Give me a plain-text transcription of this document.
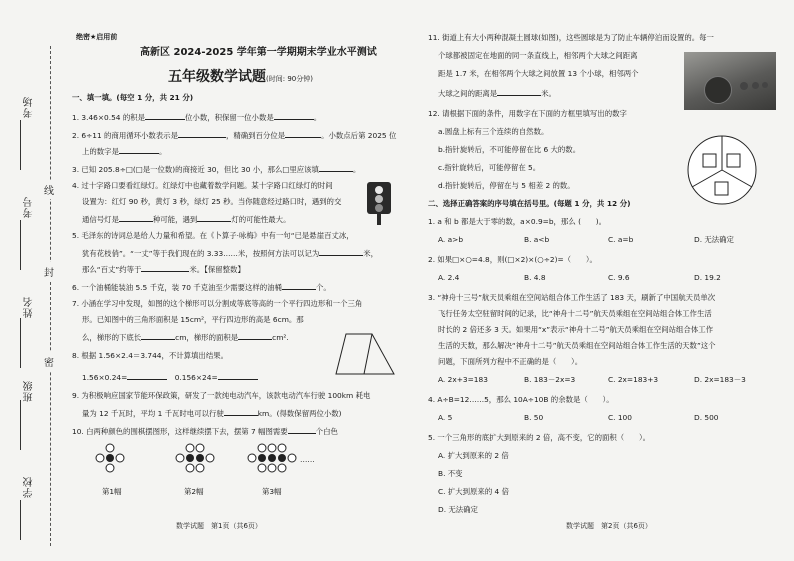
考场
考号
姓名
班级
学校
线
封
密

绝密★启用前

高新区 2024-2025 学年第一学期期末学业水平测试

五年级数学试题(时间: 90分钟)

一、填一填。(每空 1 分，共 21 分)

1. 3.46×0.54 的积是	位小数，积保留一位小数是	。

2. 6÷11 的商用循环小数表示是	，精确到百分位是	。小数点后第 2025 位

上的数字是	。

3. 已知 205.8÷□(□是一位数)的商接近 30，但比 30 小，那么□里应该填	。

4. 过十字路口要看红绿灯。红绿灯中也藏着数学问题。某十字路口红绿灯的时间

设置为：红灯 90 秒，黄灯 3 秒，绿灯 25 秒。当你随意经过路口时，遇到的交

通信号灯是	种可能，遇到	灯的可能性最大。

5. 毛泽东的诗词总是给人力量和希望。在《卜算子·咏梅》中有一句“已是悬崖百丈冰，

犹有花枝俏”。“一丈”等于我们现在的 3.33……米，按照何方法可以记为	米，

那么“百丈”约等于	米。【保留整数】

6. 一个油桶能装油 5.5 千克，装 70 千克油至少需要这样的油桶	个。

7. 小涵在学习中发现，如图的这个梯形可以分割成等底等高的一个平行四边形和一个三角

形。已知图中的三角形面积是 15cm²，平行四边形的高是 6cm。那

么，梯形的下底长	cm，梯形的面积是	cm².

8. 根据 1.56×2.4＝3.744，不计算填出结果。

1.56×0.24=　	0.156×24=

9. 为积极响应国家节能环保政策，研发了一款纯电动汽车，该款电动汽车行驶 100km 耗电

量为 12 千瓦时，平均 1 千瓦时电可以行驶	km。(得数保留两位小数)

10. 白两种颜色的围棋摆图形，这样继续摆下去，摆第 7 幅图需要	个白色

……

第1幅	第2幅	第3幅

11. 街道上有大小两种混凝土圆球(如图)，这些圆球是为了防止车辆停泊而设置的。每一

个球都被固定在地面的同一条直线上，相邻两个大球之间距离

距是 1.7 米，在相邻两个大球之间放置 13 个小球，相邻两个

大球之间的距离是	米。

12. 请根据下面的条件，用数字在下面的方框里填写出的数字

a.圆盘上标有三个连续的自然数。

b.指针旋转后，不可能停留在比 6 大的数。

c.指针旋转后，可能停留在 5。

d.指针旋转后，停留在与 5 相差 2 的数。

二、选择正确答案的序号填在括号里。(每题 1 分，共 12 分)

1. a 和 b 都是大于零的数，a×0.9=b，那么 (　　)。

A. a>b	B. a<b	C. a=b	D. 无法确定

2. 如果□×○=4.8，则(□×2)×(○÷2)=（　　）。

A. 2.4	B. 4.8	C. 9.6	D. 19.2

3. “神舟十三号”航天员乘组在空间站组合体工作生活了 183 天，刷新了中国航天员单次

飞行任务太空驻留时间的记录，比“神舟十二号”航天员乘组在空间站组合体工作生活

时长的 2 倍还多 3 天。如果用“x”表示“神舟十二号”航天员乘组在空间站组合体工作

生活的天数，那么解决“神舟十二号”航天员乘组在空间站组合体工作生活的天数”这个

问题，下面所列方程中不正确的是（　　）。

A. 2x+3=183	B. 183－2x=3	C. 2x=183+3	D. 2x=183－3

4. A÷B=12……5，那么 10A÷10B 的余数是（　　）。

A. 5	B. 50	C. 100	D. 500

5. 一个三角形的底扩大到原来的 2 倍，高不变，它的面积（　　）。

A. 扩大到原来的 2 倍

B. 不变

C. 扩大到原来的 4 倍

D. 无法确定

数学试题　第1页（共6页）	数学试题　第2页（共6页）
